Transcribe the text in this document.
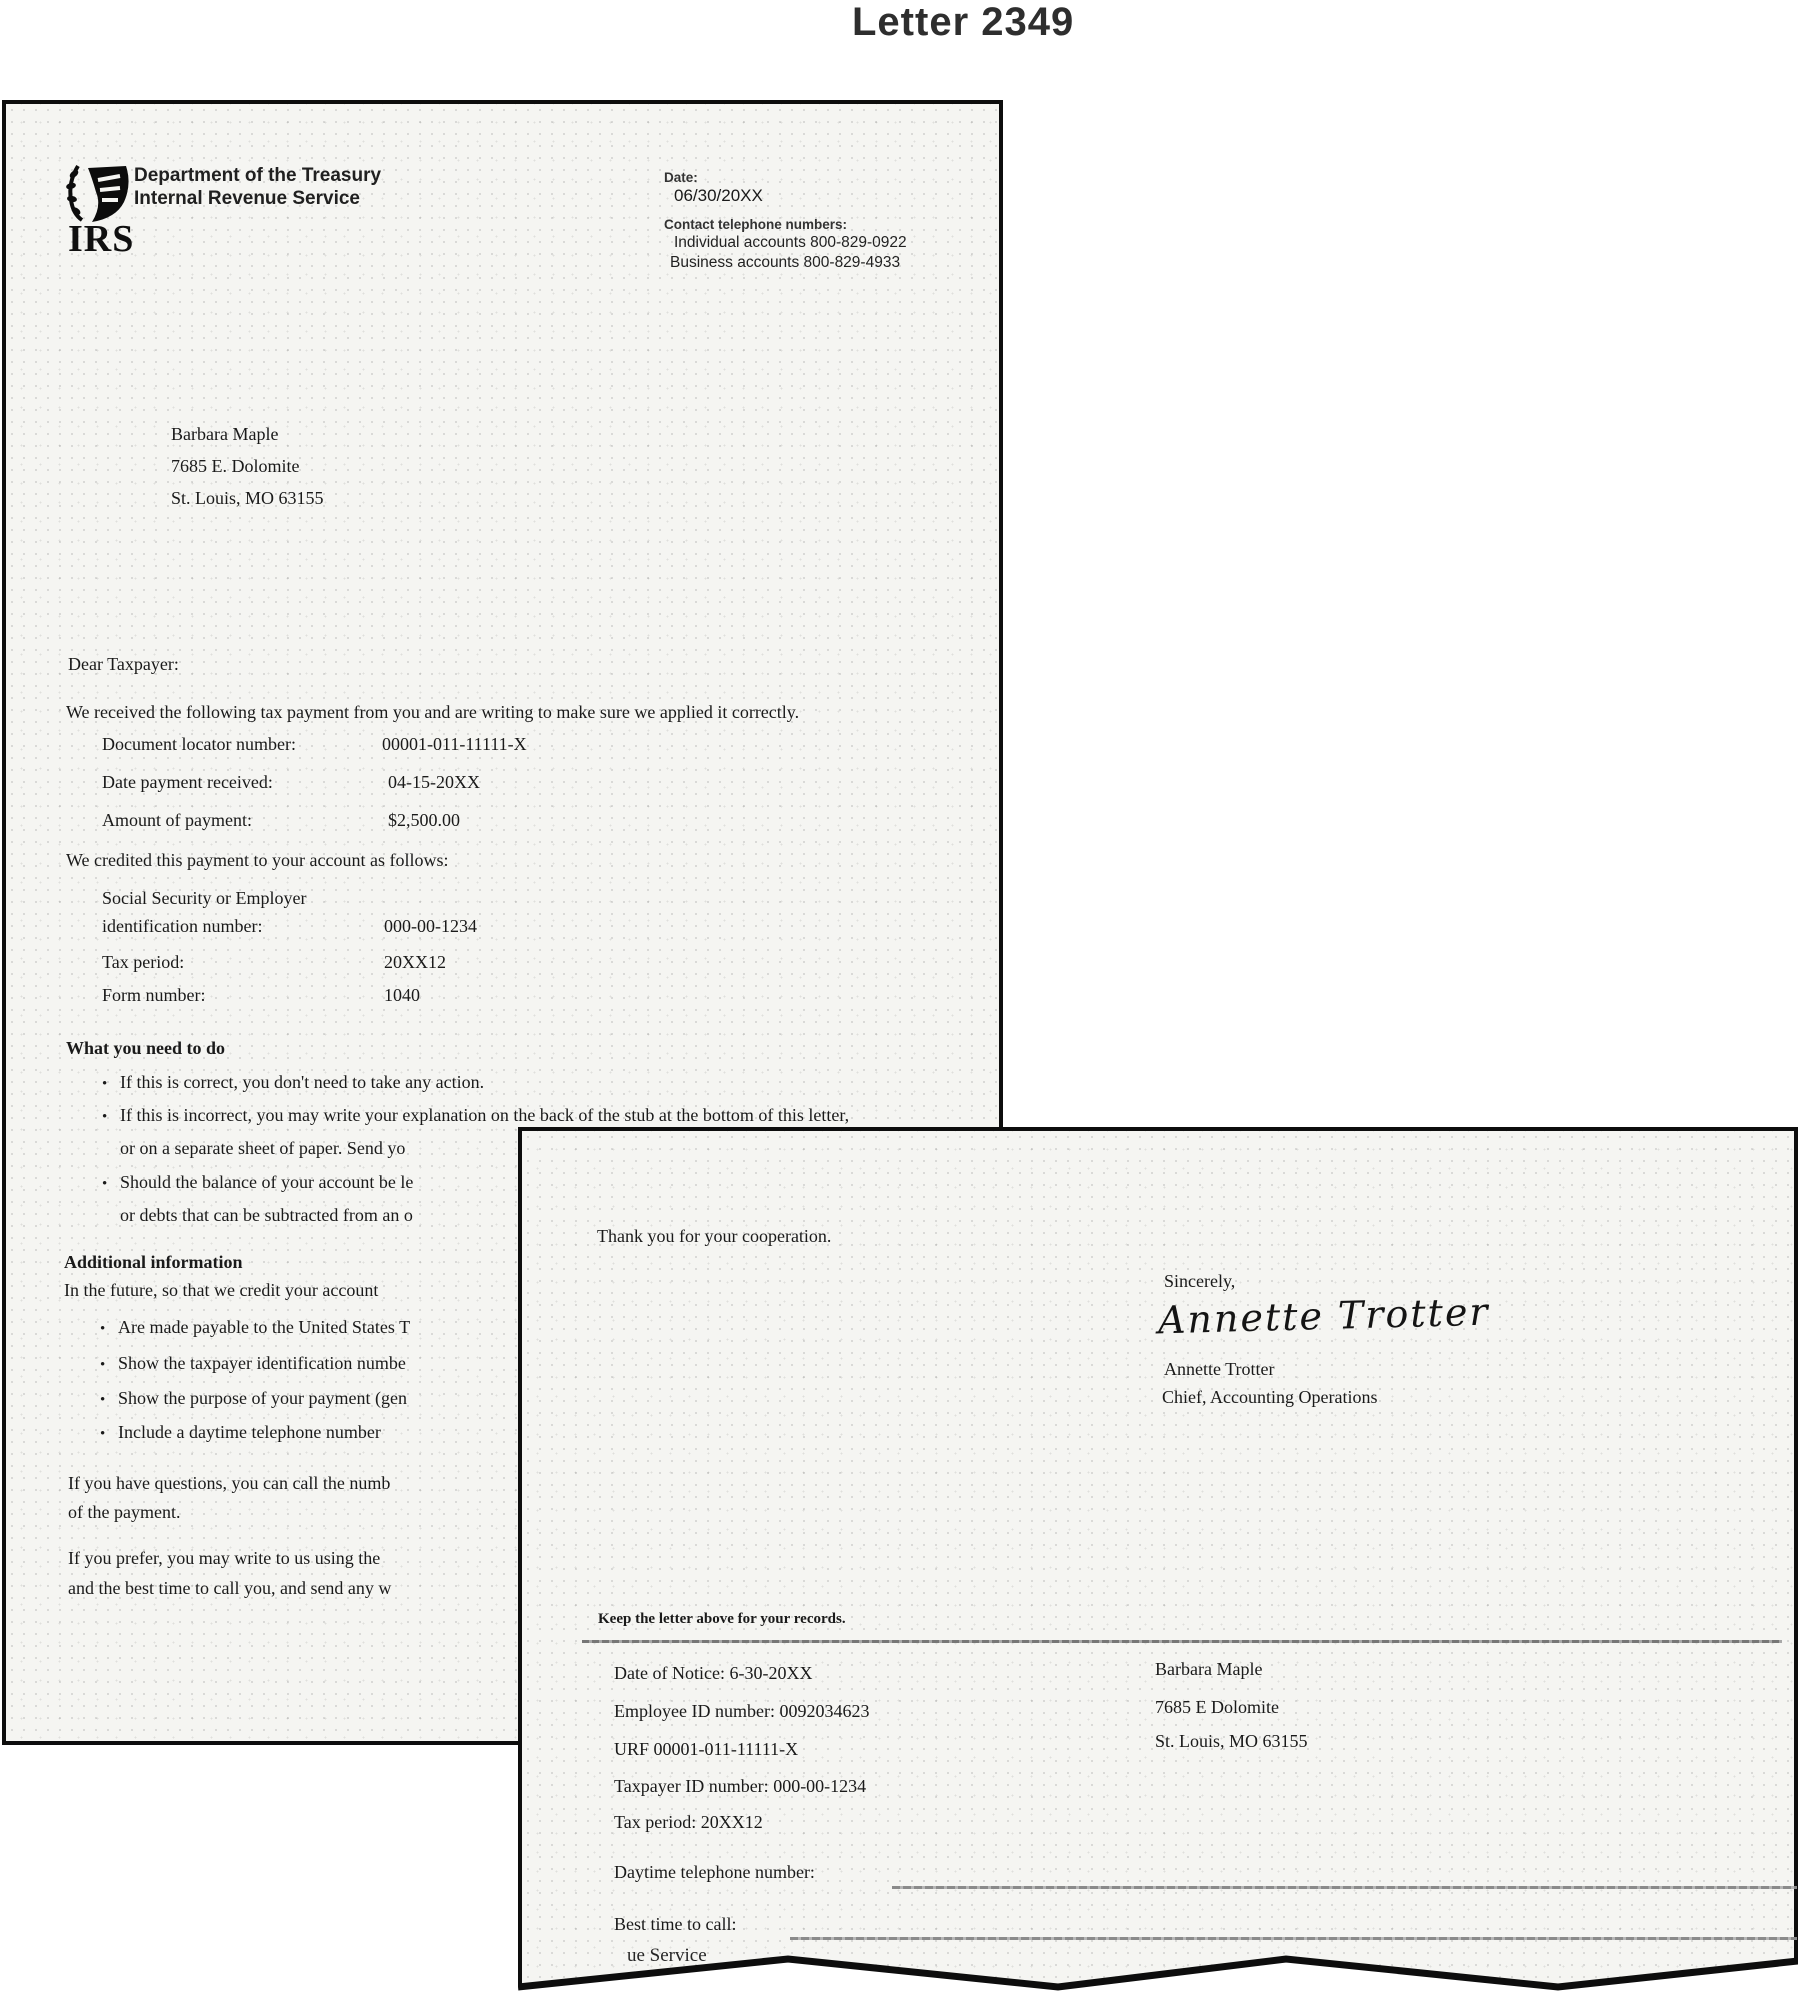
Letter 2349
IRS
Department of the Treasury
Internal Revenue Service
Date:
06/30/20XX
Contact telephone numbers:
Individual accounts 800-829-0922
Business accounts 800-829-4933
Barbara Maple
7685 E. Dolomite
St. Louis, MO 63155
Dear Taxpayer:
We received the following tax payment from you and are writing to make sure we applied it correctly.
Document locator number:	00001-011-11111-X
Date payment received:	04-15-20XX
Amount of payment:	$2,500.00
We credited this payment to your account as follows:
Social Security or Employer
identification number:	000-00-1234
Tax period:	20XX12
Form number:	1040
What you need to do
• If this is correct, you don't need to take any action.
• If this is incorrect, you may write your explanation on the back of the stub at the bottom of this letter,
or on a separate sheet of paper. Send yo
• Should the balance of your account be le
or debts that can be subtracted from an o
Additional information
In the future, so that we credit your account
• Are made payable to the United States T
• Show the taxpayer identification numbe
• Show the purpose of your payment (gen
• Include a daytime telephone number
If you have questions, you can call the numb
of the payment.
If you prefer, you may write to us using the
and the best time to call you, and send any w
Thank you for your cooperation.
Sincerely,
Annette Trotter
Annette Trotter
Chief, Accounting Operations
Keep the letter above for your records.
Date of Notice: 6-30-20XX
Employee ID number: 0092034623
URF 00001-011-11111-X
Taxpayer ID number: 000-00-1234
Tax period: 20XX12
Barbara Maple
7685 E Dolomite
St. Louis, MO 63155
Daytime telephone number:
Best time to call:
ue Service
